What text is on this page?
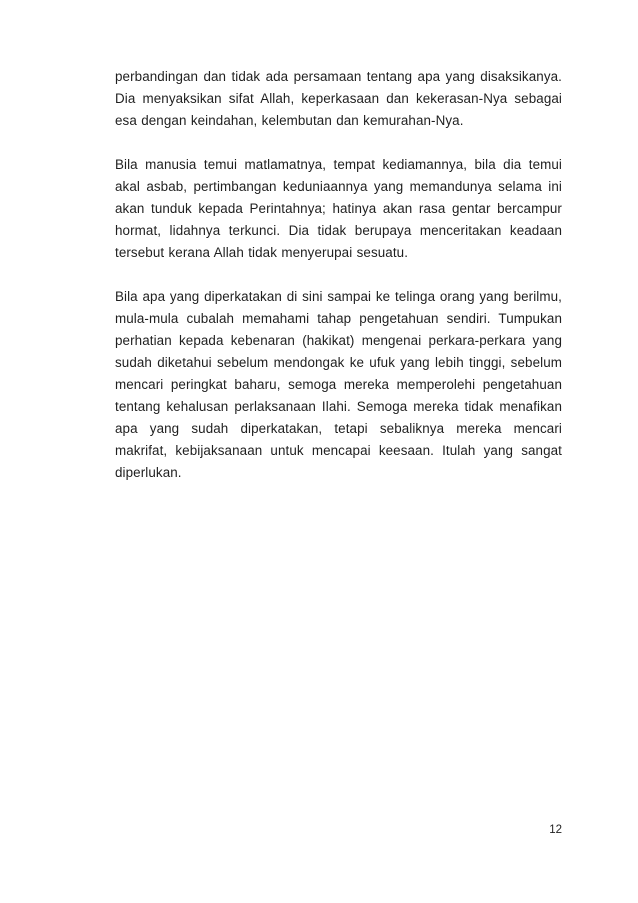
perbandingan dan tidak ada persamaan tentang apa yang disaksikanya. Dia menyaksikan sifat Allah, keperkasaan dan kekerasan-Nya sebagai esa dengan keindahan, kelembutan dan kemurahan-Nya.

Bila manusia temui matlamatnya, tempat kediamannya, bila dia temui akal asbab, pertimbangan keduniaannya yang memandunya selama ini akan tunduk kepada Perintahnya; hatinya akan rasa gentar bercampur hormat, lidahnya terkunci. Dia tidak berupaya menceritakan keadaan tersebut kerana Allah tidak menyerupai sesuatu.

Bila apa yang diperkatakan di sini sampai ke telinga orang yang berilmu, mula-mula cubalah memahami tahap pengetahuan sendiri. Tumpukan perhatian kepada kebenaran (hakikat) mengenai perkara-perkara yang sudah diketahui sebelum mendongak ke ufuk yang lebih tinggi, sebelum mencari peringkat baharu, semoga mereka memperolehi pengetahuan tentang kehalusan perlaksanaan Ilahi. Semoga mereka tidak menafikan apa yang sudah diperkatakan, tetapi sebaliknya mereka mencari makrifat, kebijaksanaan untuk mencapai keesaan. Itulah yang sangat diperlukan.

12
